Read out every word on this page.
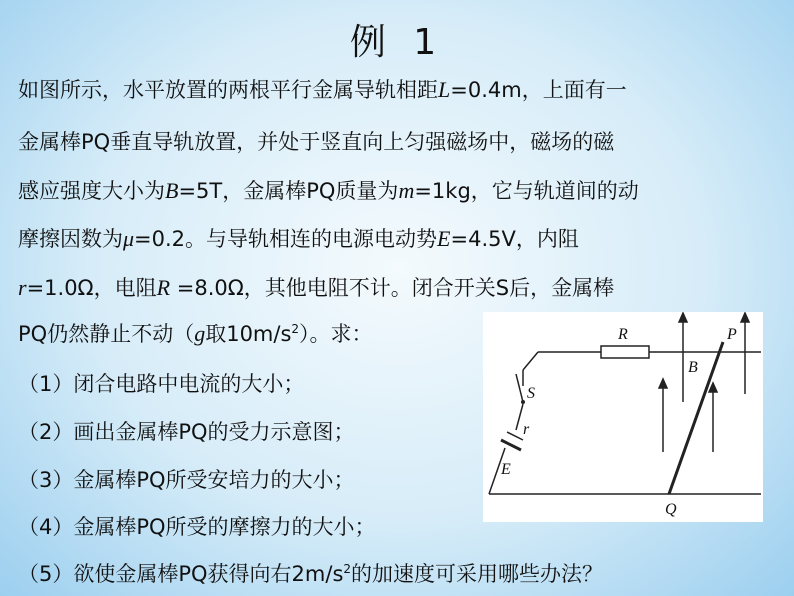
例 1
如图所示，水平放置的两根平行金属导轨相距L=0.4m，上面有一
金属棒PQ垂直导轨放置，并处于竖直向上匀强磁场中，磁场的磁
感应强度大小为B=5T，金属棒PQ质量为m=1kg，它与轨道间的动
摩擦因数为μ=0.2。与导轨相连的电源电动势E=4.5V，内阻
r=1.0Ω，电阻R =8.0Ω，其他电阻不计。闭合开关S后，金属棒
PQ仍然静止不动（g取$10m/s^2$）。求：
（1）闭合电路中电流的大小；
（2）画出金属棒PQ的受力示意图；
（3）金属棒PQ所受安培力的大小；
（4）金属棒PQ所受的摩擦力的大小；
（5）欲使金属棒PQ获得向右$2m/s^2$的加速度可采用哪些办法？
R	P
B
S
r
E
Q
